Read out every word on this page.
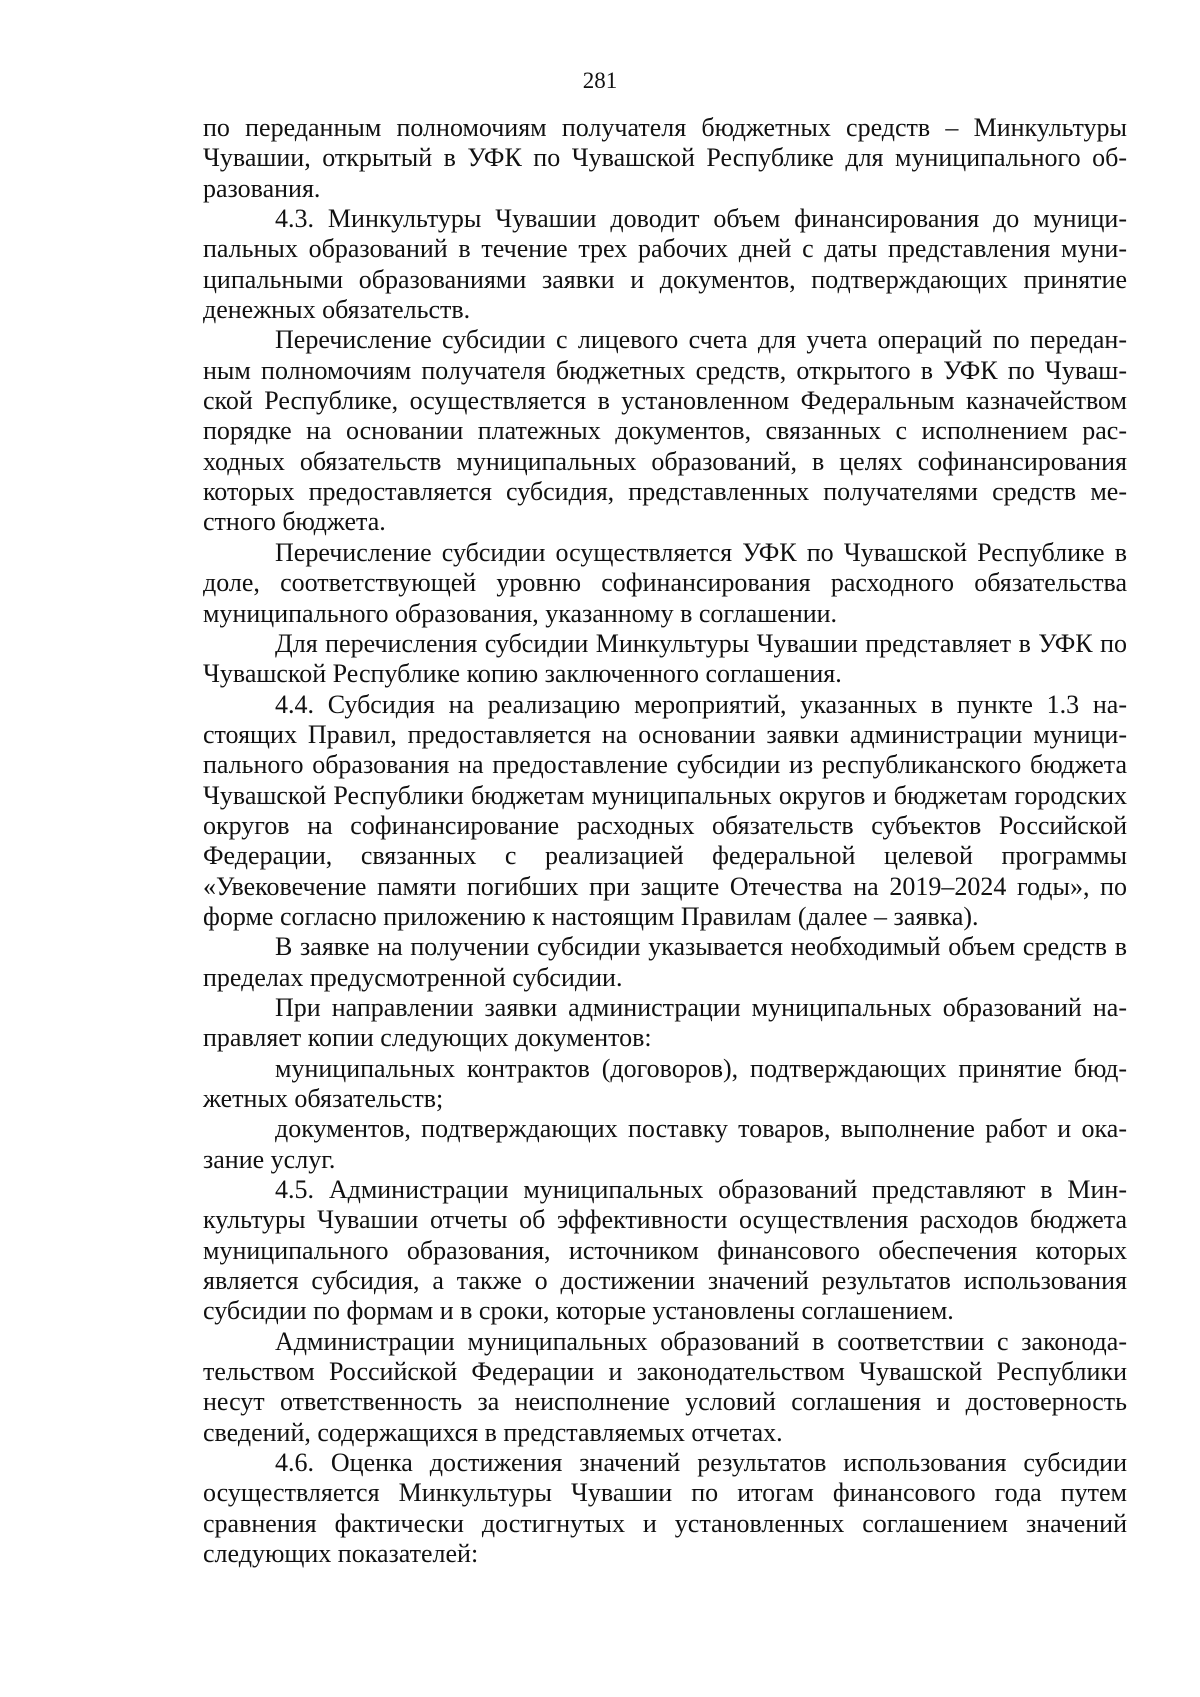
281

по переданным полномочиям получателя бюджетных средств – Минкультуры Чувашии, открытый в УФК по Чувашской Республике для муниципального образования.

4.3. Минкультуры Чувашии доводит объем финансирования до муниципальных образований в течение трех рабочих дней с даты представления муниципальными образованиями заявки и документов, подтверждающих принятие денежных обязательств.

Перечисление субсидии с лицевого счета для учета операций по переданным полномочиям получателя бюджетных средств, открытого в УФК по Чувашской Республике, осуществляется в установленном Федеральным казначейством порядке на основании платежных документов, связанных с исполнением расходных обязательств муниципальных образований, в целях софинансирования которых предоставляется субсидия, представленных получателями средств местного бюджета.

Перечисление субсидии осуществляется УФК по Чувашской Республике в доле, соответствующей уровню софинансирования расходного обязательства муниципального образования, указанному в соглашении.

Для перечисления субсидии Минкультуры Чувашии представляет в УФК по Чувашской Республике копию заключенного соглашения.

4.4. Субсидия на реализацию мероприятий, указанных в пункте 1.3 настоящих Правил, предоставляется на основании заявки администрации муниципального образования на предоставление субсидии из республиканского бюджета Чувашской Республики бюджетам муниципальных округов и бюджетам городских округов на софинансирование расходных обязательств субъектов Российской Федерации, связанных с реализацией федеральной целевой программы «Увековечение памяти погибших при защите Отечества на 2019–2024 годы», по форме согласно приложению к настоящим Правилам (далее – заявка).

В заявке на получении субсидии указывается необходимый объем средств в пределах предусмотренной субсидии.

При направлении заявки администрации муниципальных образований направляет копии следующих документов:

муниципальных контрактов (договоров), подтверждающих принятие бюджетных обязательств;

документов, подтверждающих поставку товаров, выполнение работ и оказание услуг.

4.5. Администрации муниципальных образований представляют в Минкультуры Чувашии отчеты об эффективности осуществления расходов бюджета муниципального образования, источником финансового обеспечения которых является субсидия, а также о достижении значений результатов использования субсидии по формам и в сроки, которые установлены соглашением.

Администрации муниципальных образований в соответствии с законодательством Российской Федерации и законодательством Чувашской Республики несут ответственность за неисполнение условий соглашения и достоверность сведений, содержащихся в представляемых отчетах.

4.6. Оценка достижения значений результатов использования субсидии осуществляется Минкультуры Чувашии по итогам финансового года путем сравнения фактически достигнутых и установленных соглашением значений следующих показателей:
